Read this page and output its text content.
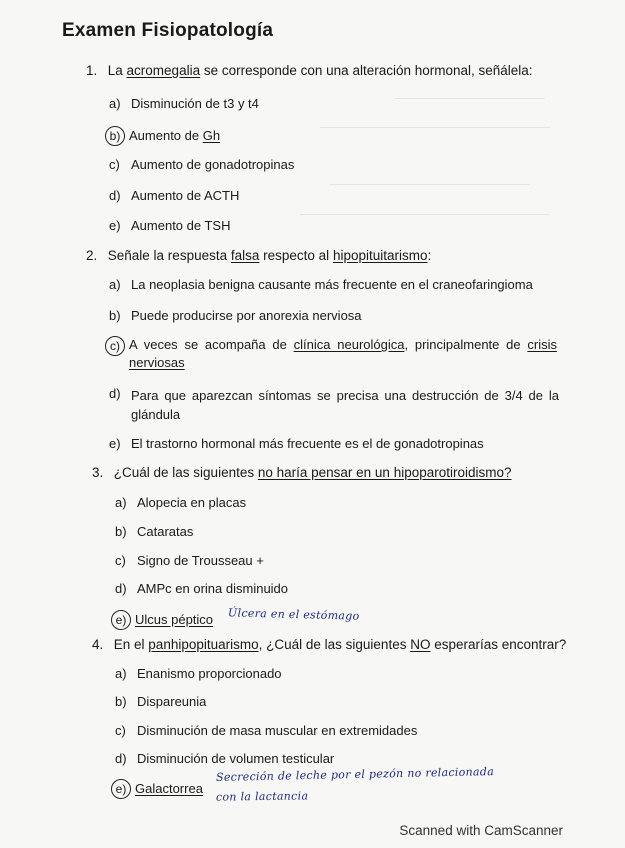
Examen Fisiopatología
1. La acromegalia se corresponde con una alteración hormonal, señálela:
a) Disminución de t3 y t4
b) Aumento de Gh
c) Aumento de gonadotropinas
d) Aumento de ACTH
e) Aumento de TSH
2. Señale la respuesta falsa respecto al hipopituitarismo:
a) La neoplasia benigna causante más frecuente en el craneofaringioma
b) Puede producirse por anorexia nerviosa
c) A veces se acompaña de clínica neurológica, principalmente de crisis nerviosas
d) Para que aparezcan síntomas se precisa una destrucción de 3/4 de la glándula
e) El trastorno hormonal más frecuente es el de gonadotropinas
3. ¿Cuál de las siguientes no haría pensar en un hipoparotiroidismo?
a) Alopecia en placas
b) Cataratas
c) Signo de Trousseau +
d) AMPc en orina disminuido
e) Ulcus péptico Úlcera en el estómago
4. En el panhipopituarismo, ¿Cuál de las siguientes NO esperarías encontrar?
a) Enanismo proporcionado
b) Dispareunia
c) Disminución de masa muscular en extremidades
d) Disminución de volumen testicular
e) Galactorrea
Secreción de leche por el pezón no relacionada
con la lactancia
Scanned with CamScanner
